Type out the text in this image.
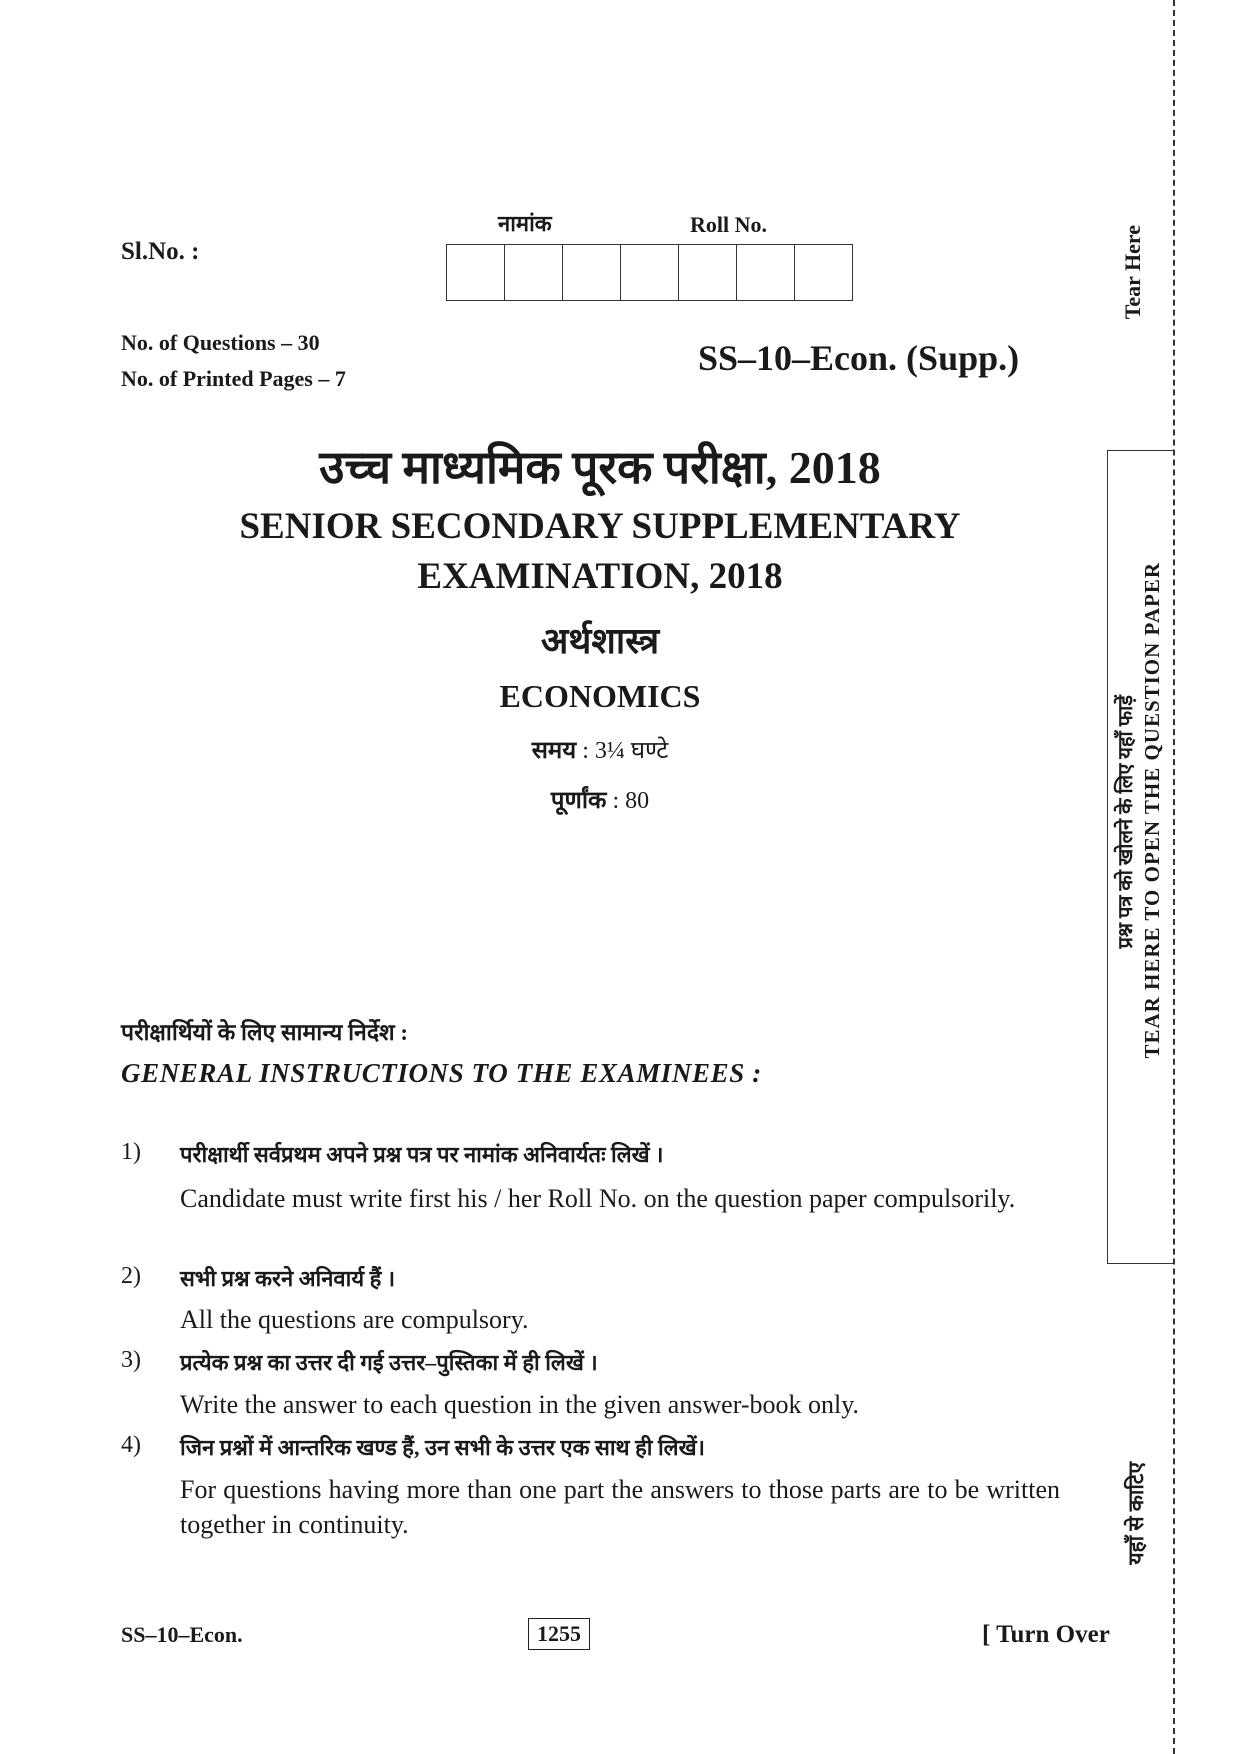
Sl.No. :
नामांक	Roll No.
No. of Questions – 30
No. of Printed Pages – 7
SS–10–Econ. (Supp.)
उच्च माध्यमिक पूरक परीक्षा, 2018
SENIOR SECONDARY SUPPLEMENTARY
EXAMINATION, 2018
अर्थशास्त्र
ECONOMICS
समय : 3¼ घण्टे
पूर्णांक : 80
परीक्षार्थियों के लिए सामान्य निर्देश :
GENERAL INSTRUCTIONS TO THE EXAMINEES :
1) परीक्षार्थी सर्वप्रथम अपने प्रश्न पत्र पर नामांक अनिवार्यतः लिखें ।
Candidate must write first his / her Roll No. on the question paper compulsorily.
2) सभी प्रश्न करने अनिवार्य हैं ।
All the questions are compulsory.
3) प्रत्येक प्रश्न का उत्तर दी गई उत्तर–पुस्तिका में ही लिखें ।
Write the answer to each question in the given answer-book only.
4) जिन प्रश्नों में आन्तरिक खण्ड हैं, उन सभी के उत्तर एक साथ ही लिखें।
For questions having more than one part the answers to those parts are to be written together in continuity.
SS–10–Econ.	1255	[ Turn Over
Tear Here
प्रश्न पत्र को खोलने के लिए यहाँ फाड़ें TEAR HERE TO OPEN THE QUESTION PAPER
यहाँ से काटिए
